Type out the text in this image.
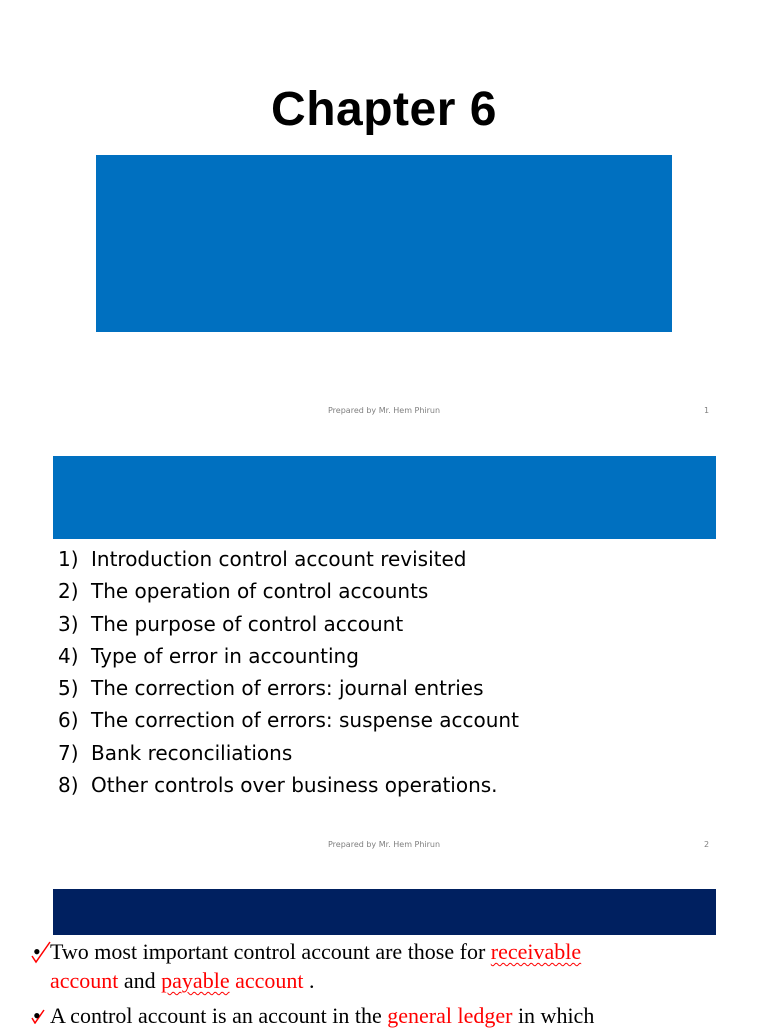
Chapter 6
Prepared by Mr. Hem Phirun	1
1) Introduction control account revisited
2) The operation of control accounts
3) The purpose of control account
4) Type of error in accounting
5) The correction of errors: journal entries
6) The correction of errors: suspense account
7) Bank reconciliations
8) Other controls over business operations.
Prepared by Mr. Hem Phirun	2
• Two most important control account are those for receivable
account and payable account .
• A control account is an account in the general ledger in which
